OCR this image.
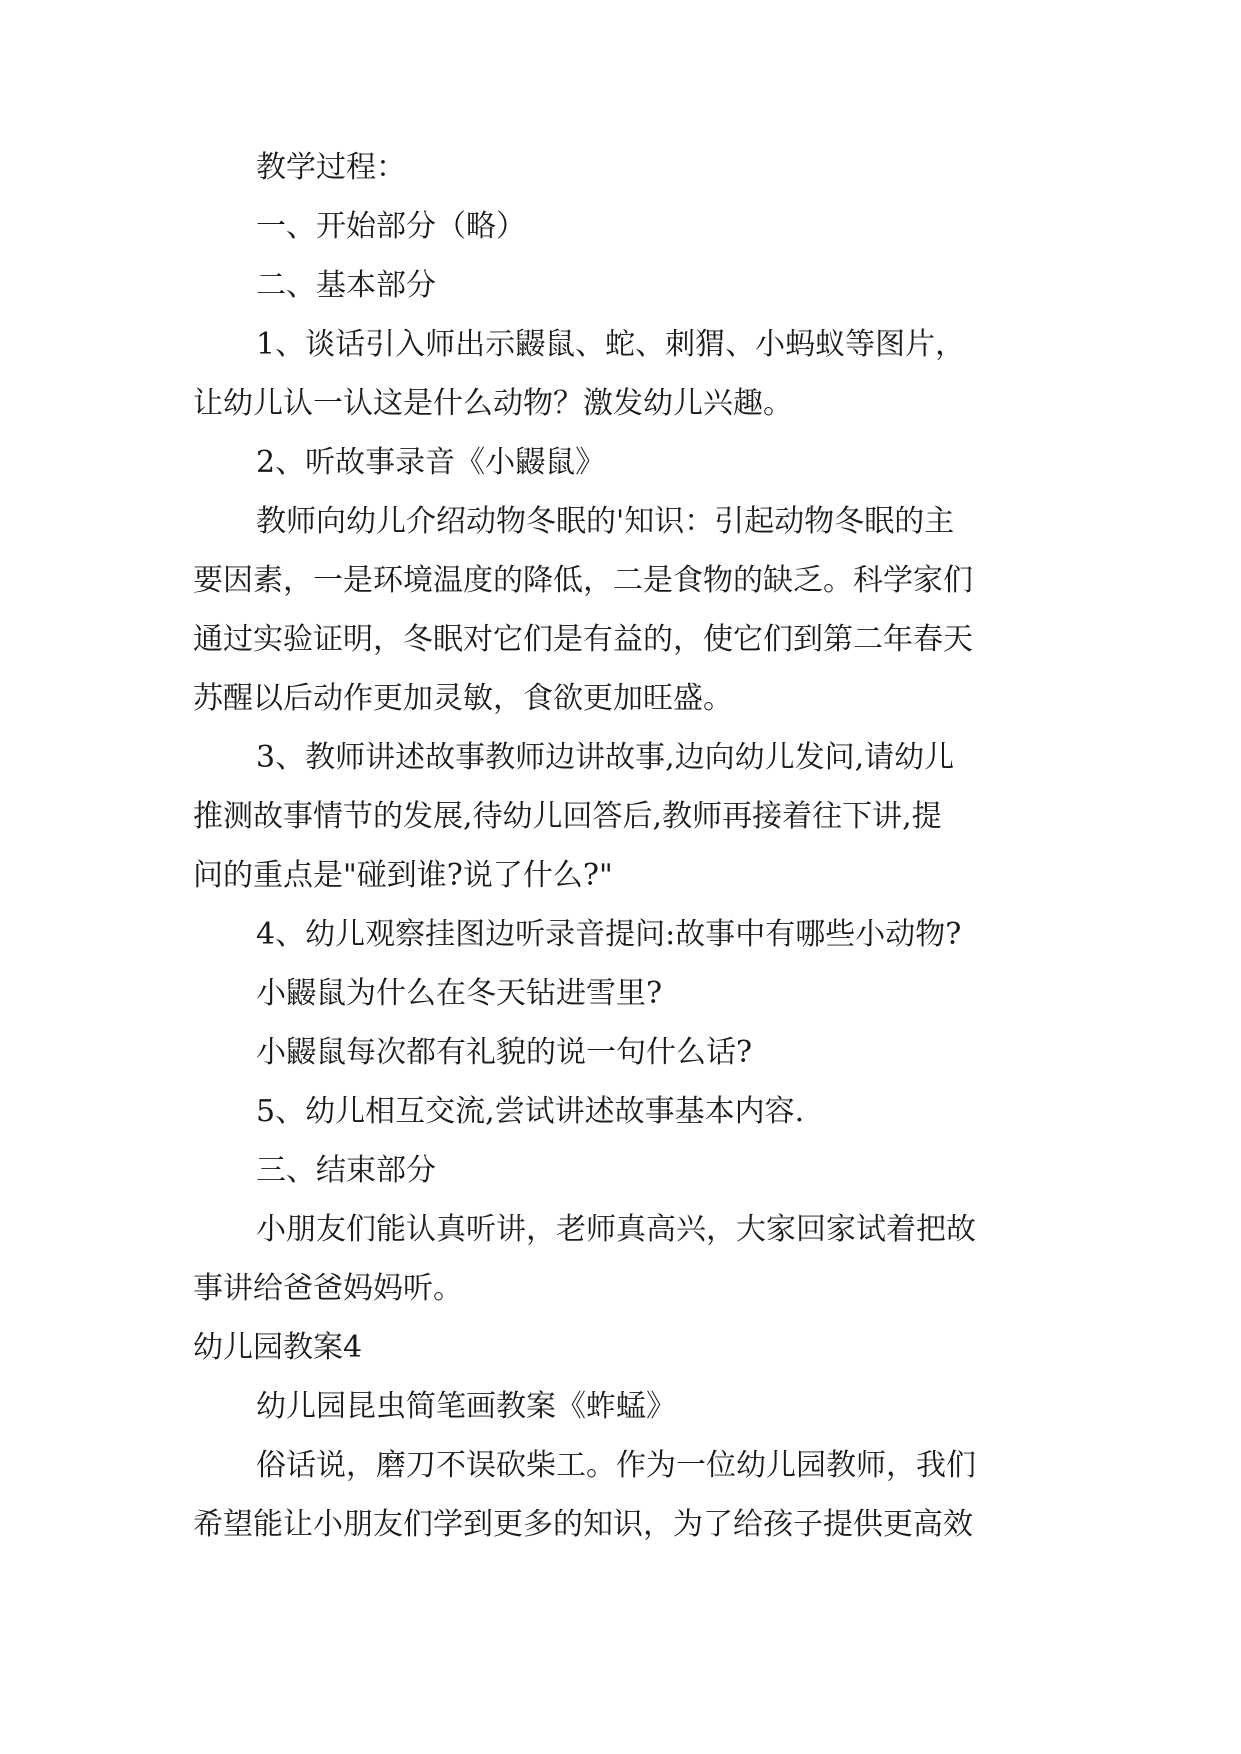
教学过程：
一、开始部分（略）
二、基本部分
1、谈话引入师出示鼹鼠、蛇、刺猬、小蚂蚁等图片，
让幼儿认一认这是什么动物？激发幼儿兴趣。
2、听故事录音《小鼹鼠》
教师向幼儿介绍动物冬眠的'知识：引起动物冬眠的主
要因素，一是环境温度的降低，二是食物的缺乏。科学家们
通过实验证明，冬眠对它们是有益的，使它们到第二年春天
苏醒以后动作更加灵敏，食欲更加旺盛。
3、教师讲述故事教师边讲故事,边向幼儿发问,请幼儿
推测故事情节的发展,待幼儿回答后,教师再接着往下讲,提
问的重点是"碰到谁?说了什么?"
4、幼儿观察挂图边听录音提问:故事中有哪些小动物?
小鼹鼠为什么在冬天钻进雪里?
小鼹鼠每次都有礼貌的说一句什么话?
5、幼儿相互交流,尝试讲述故事基本内容.
三、结束部分
小朋友们能认真听讲，老师真高兴，大家回家试着把故
事讲给爸爸妈妈听。
幼儿园教案4
幼儿园昆虫简笔画教案《蚱蜢》
俗话说，磨刀不误砍柴工。作为一位幼儿园教师，我们
希望能让小朋友们学到更多的知识，为了给孩子提供更高效
